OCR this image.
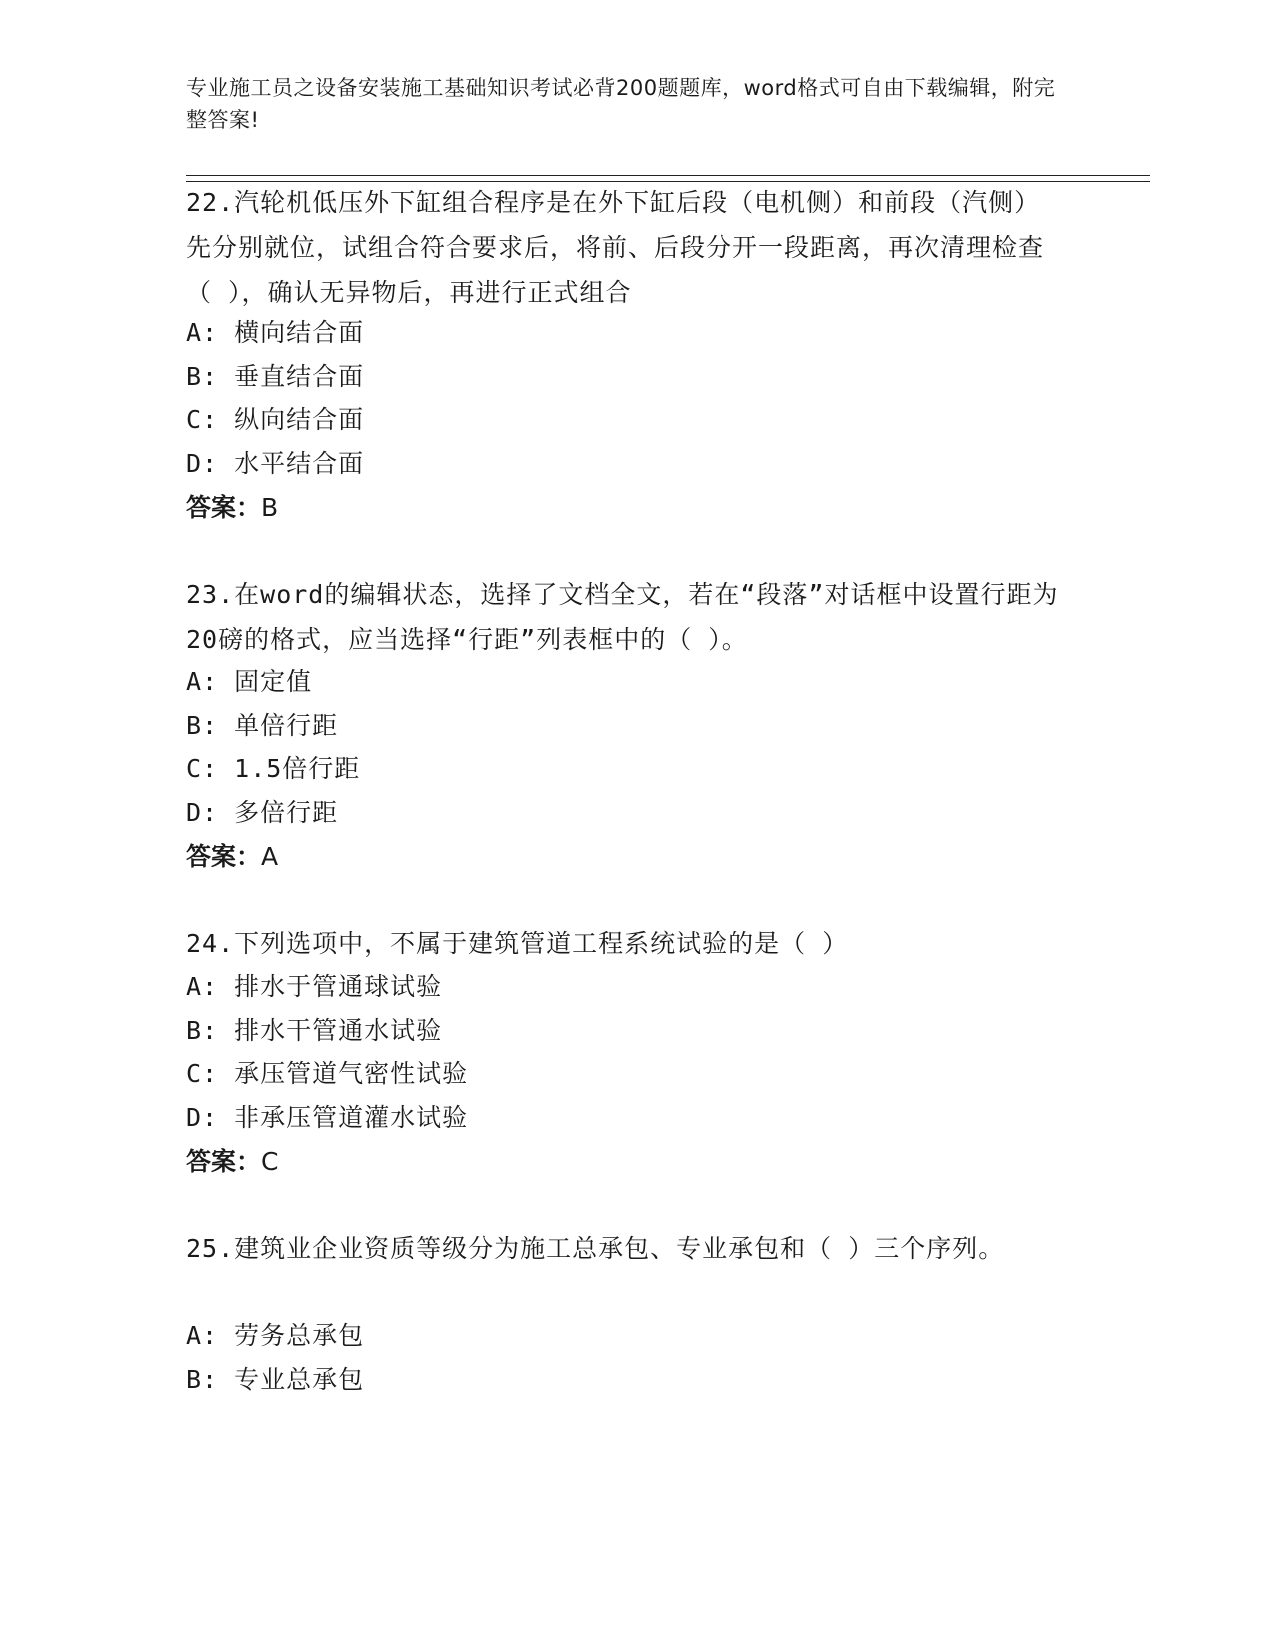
专业施工员之设备安装施工基础知识考试必背200题题库，word格式可自由下载编辑，附完整答案!
22.汽轮机低压外下缸组合程序是在外下缸后段（电机侧）和前段（汽侧）先分别就位，试组合符合要求后，将前、后段分开一段距离，再次清理检查（ ），确认无异物后，再进行正式组合
A: 横向结合面
B: 垂直结合面
C: 纵向结合面
D: 水平结合面
答案：B
23.在word的编辑状态，选择了文档全文，若在“段落”对话框中设置行距为20磅的格式，应当选择“行距”列表框中的（ ）。
A: 固定值
B: 单倍行距
C: 1.5倍行距
D: 多倍行距
答案：A
24.下列选项中，不属于建筑管道工程系统试验的是（ ）
A: 排水于管通球试验
B: 排水干管通水试验
C: 承压管道气密性试验
D: 非承压管道灌水试验
答案：C
25.建筑业企业资质等级分为施工总承包、专业承包和（ ）三个序列。
A: 劳务总承包
B: 专业总承包
